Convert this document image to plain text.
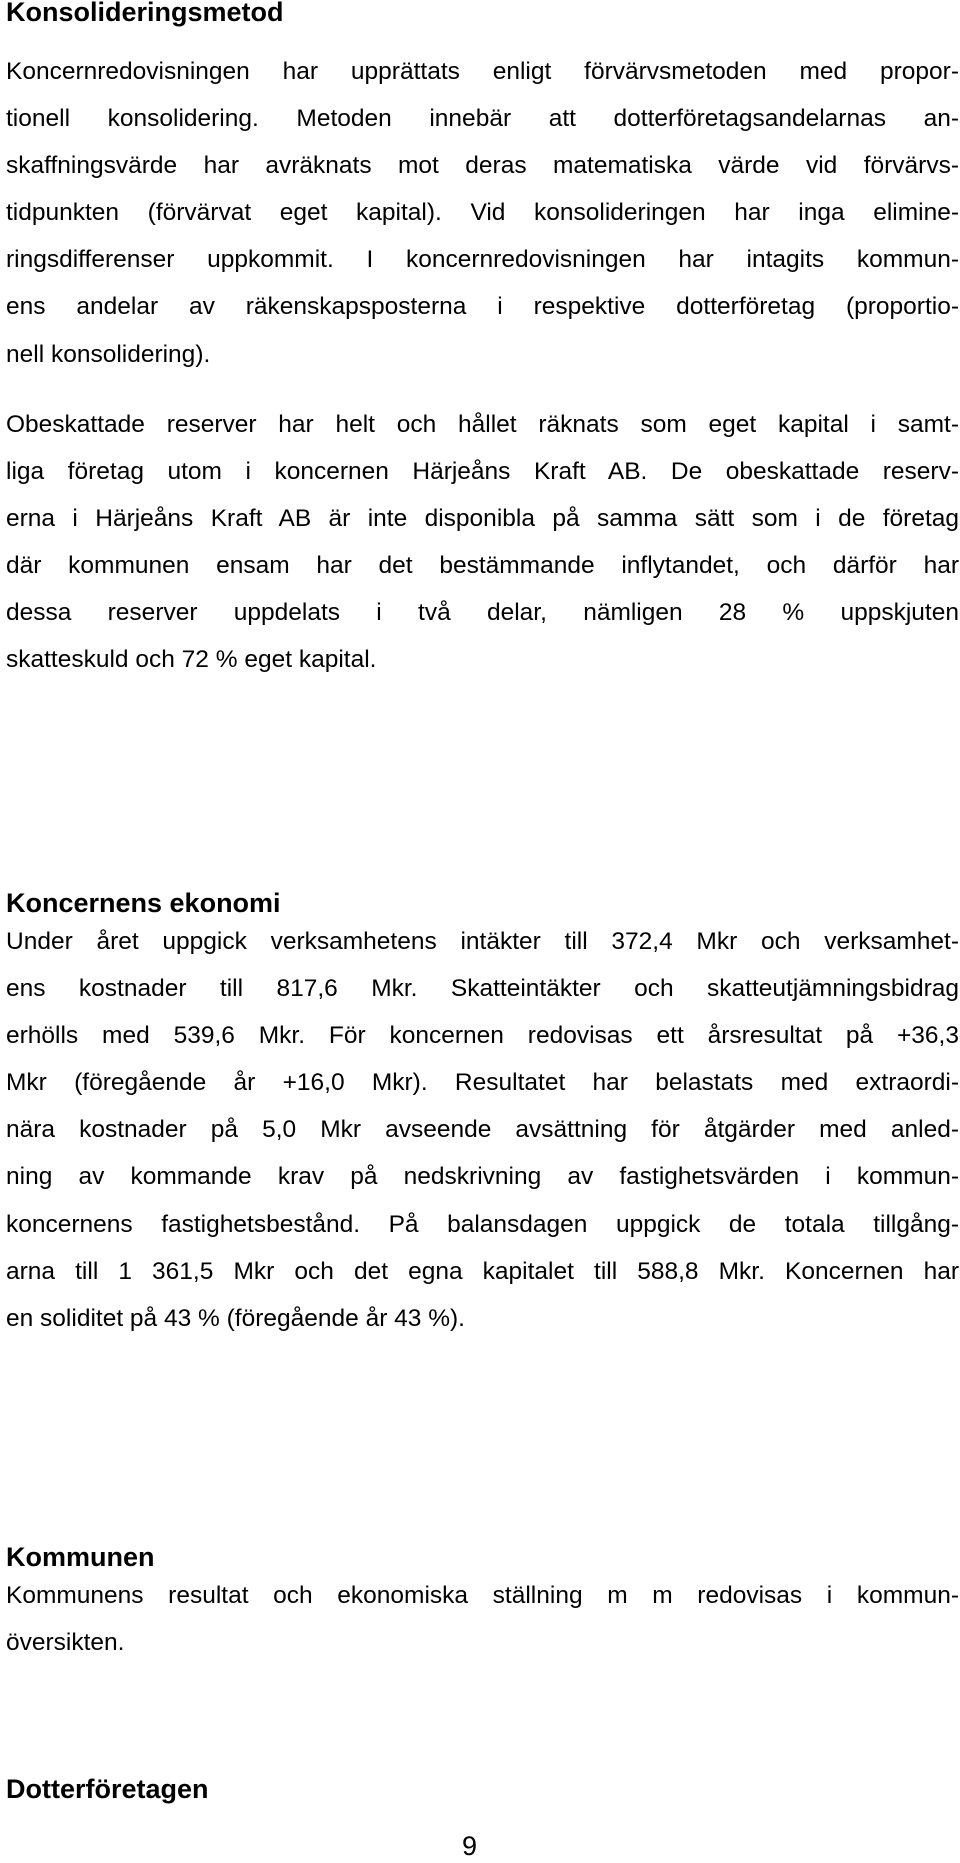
Konsolideringsmetod
Koncernredovisningen har upprättats enligt förvärvsmetoden med propor-
tionell konsolidering. Metoden innebär att dotterföretagsandelarnas an-
skaffningsvärde har avräknats mot deras matematiska värde vid förvärvs-
tidpunkten (förvärvat eget kapital). Vid konsolideringen har inga elimine-
ringsdifferenser uppkommit. I koncernredovisningen har intagits kommun-
ens andelar av räkenskapsposterna i respektive dotterföretag (proportio-
nell konsolidering).
Obeskattade reserver har helt och hållet räknats som eget kapital i samt-
liga företag utom i koncernen Härjeåns Kraft AB. De obeskattade reserv-
erna i Härjeåns Kraft AB är inte disponibla på samma sätt som i de företag
där kommunen ensam har det bestämmande inflytandet, och därför har
dessa reserver uppdelats i två delar, nämligen 28 % uppskjuten
skatteskuld och 72 % eget kapital.
Koncernens ekonomi
Under året uppgick verksamhetens intäkter till 372,4 Mkr och verksamhet-
ens kostnader till 817,6 Mkr. Skatteintäkter och skatteutjämningsbidrag
erhölls med 539,6 Mkr. För koncernen redovisas ett årsresultat på +36,3
Mkr (föregående år +16,0 Mkr). Resultatet har belastats med extraordi-
nära kostnader på 5,0 Mkr avseende avsättning för åtgärder med anled-
ning av kommande krav på nedskrivning av fastighetsvärden i kommun-
koncernens fastighetsbestånd. På balansdagen uppgick de totala tillgång-
arna till 1 361,5 Mkr och det egna kapitalet till 588,8 Mkr. Koncernen har
en soliditet på 43 % (föregående år 43 %).
Kommunen
Kommunens resultat och ekonomiska ställning m m redovisas i kommun-
översikten.
Dotterföretagen
9
